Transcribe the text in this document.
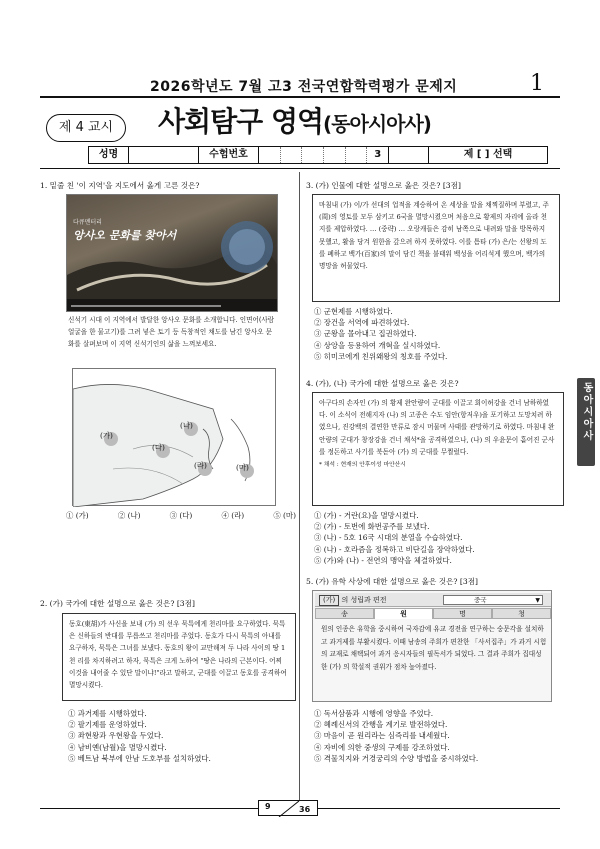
2026학년도 7월 고3 전국연합학력평가 문제지	1
제 4 교시	사회탐구 영역(동아시아사)
성명	수험번호	3	제 [ ] 선택
1. 밑줄 친 '이 지역'을 지도에서 옳게 고른 것은?
다큐멘터리
앙사오 문화를 찾아서
신석기 시대 이 지역에서 발달한 앙사오 문화를 소개합니다. 인면어(사람 얼굴을 한 물고기)를 그려 넣은 토기 등 독창적인 채도를 남긴 앙사오 문화를 살펴보며 이 지역 신석기인의 삶을 느껴보세요.
(가)
(나)
(다)
(라)	(마)
① (가)	② (나)	③ (다)	④ (라)	⑤ (마)
2. (가) 국가에 대한 설명으로 옳은 것은? [3점]
동호(東胡)가 사신을 보내 (가) 의 선우 묵특에게 천리마를 요구하였다. 묵특은 신하들의 반대를 무릅쓰고 천리마를 주었다. 동호가 다시 묵특의 아내를 요구하자, 묵특은 그녀를 보냈다. 동호의 왕이 교만해져 두 나라 사이의 땅 1천 리를 차지하려고 하자, 묵특은 크게 노하여 "땅은 나라의 근본이다. 어찌 이것을 내어줄 수 있단 말이냐!"라고 말하고, 군대를 이끌고 동호를 공격하여 멸망시켰다.
① 과거제를 시행하였다.
② 팔기제를 운영하였다.
③ 좌현왕과 우현왕을 두었다.
④ 남비옌(남월)을 멸망시켰다.
⑤ 베트남 북부에 안남 도호부를 설치하였다.
3. (가) 인물에 대한 설명으로 옳은 것은? [3점]
마침내 (가) 이/가 선대의 업적을 계승하여 온 세상을 말을 채찍질하며 부렸고, 주(周)의 영토를 모두 삼키고 6국을 멸망시켰으며 처음으로 황제의 자리에 올라 천지를 제압하였다. … (중략) … 오랑캐들은 감히 남쪽으로 내려와 말을 방목하지 못했고, 활을 당겨 원한을 갚으려 하지 못하였다. 이를 틈타 (가) 은/는 선왕의 도를 폐하고 백가(百家)의 말이 담긴 책을 불태워 백성을 어리석게 했으며, 백가의 명망을 허물었다.
① 군현제를 시행하였다.
② 장건을 서역에 파견하였다.
③ 군왕을 몰아내고 집권하였다.
④ 상앙을 등용하여 개혁을 실시하였다.
⑤ 히미코에게 친위왜왕의 칭호를 주었다.
4. (가), (나) 국가에 대한 설명으로 옳은 것은?
아구다의 손자인 (가) 의 황제 완안량이 군대를 이끌고 회이허강을 건너 남하하였다. 이 소식이 전해지자 (나) 의 고종은 수도 임안(항저우)을 포기하고 도망치려 하였으나, 진강백의 결연한 만류로 잠시 머물며 사태를 관망하기로 하였다. 마침내 완안량의 군대가 창장강을 건너 채석*을 공격하였으나, (나) 의 우윤문이 흩어진 군사를 정돈하고 사기를 북돋아 (가) 의 군대를 무찔렀다.
* 채석 : 현재의 안후이성 마안산시
① (가) - 거란(요)을 멸망시켰다.
② (가) - 토번에 화번공주를 보냈다.
③ (나) - 5호 16국 시대의 분열을 수습하였다.
④ (나) - 호라즘을 정복하고 비단길을 장악하였다.
⑤ (가)와 (나) - 전연의 맹약을 체결하였다.
동아시아사
5. (가) 유학 사상에 대한 설명으로 옳은 것은? [3점]
(가) 의 성립과 편전	중국	▼
송	원	명	청
원의 인종은 유학을 중시하여 국자감에 유교 경전을 연구하는 숭문각을 설치하고 과거제를 부활시켰다. 이때 남송의 주희가 편찬한 「사서집주」가 과거 시험의 교재로 채택되어 과거 응시자들의 필독서가 되었다. 그 결과 주희가 집대성한 (가) 의 학설적 권위가 점차 높아졌다.
① 독서삼품과 시행에 영향을 주었다.
② 혜례신서의 간행을 계기로 발전하였다.
③ 마음이 곧 원리라는 심즉리를 내세웠다.
④ 자비에 의한 중생의 구제를 강조하였다.
⑤ 격물치지와 거경궁리의 수양 방법을 중시하였다.
9	36
